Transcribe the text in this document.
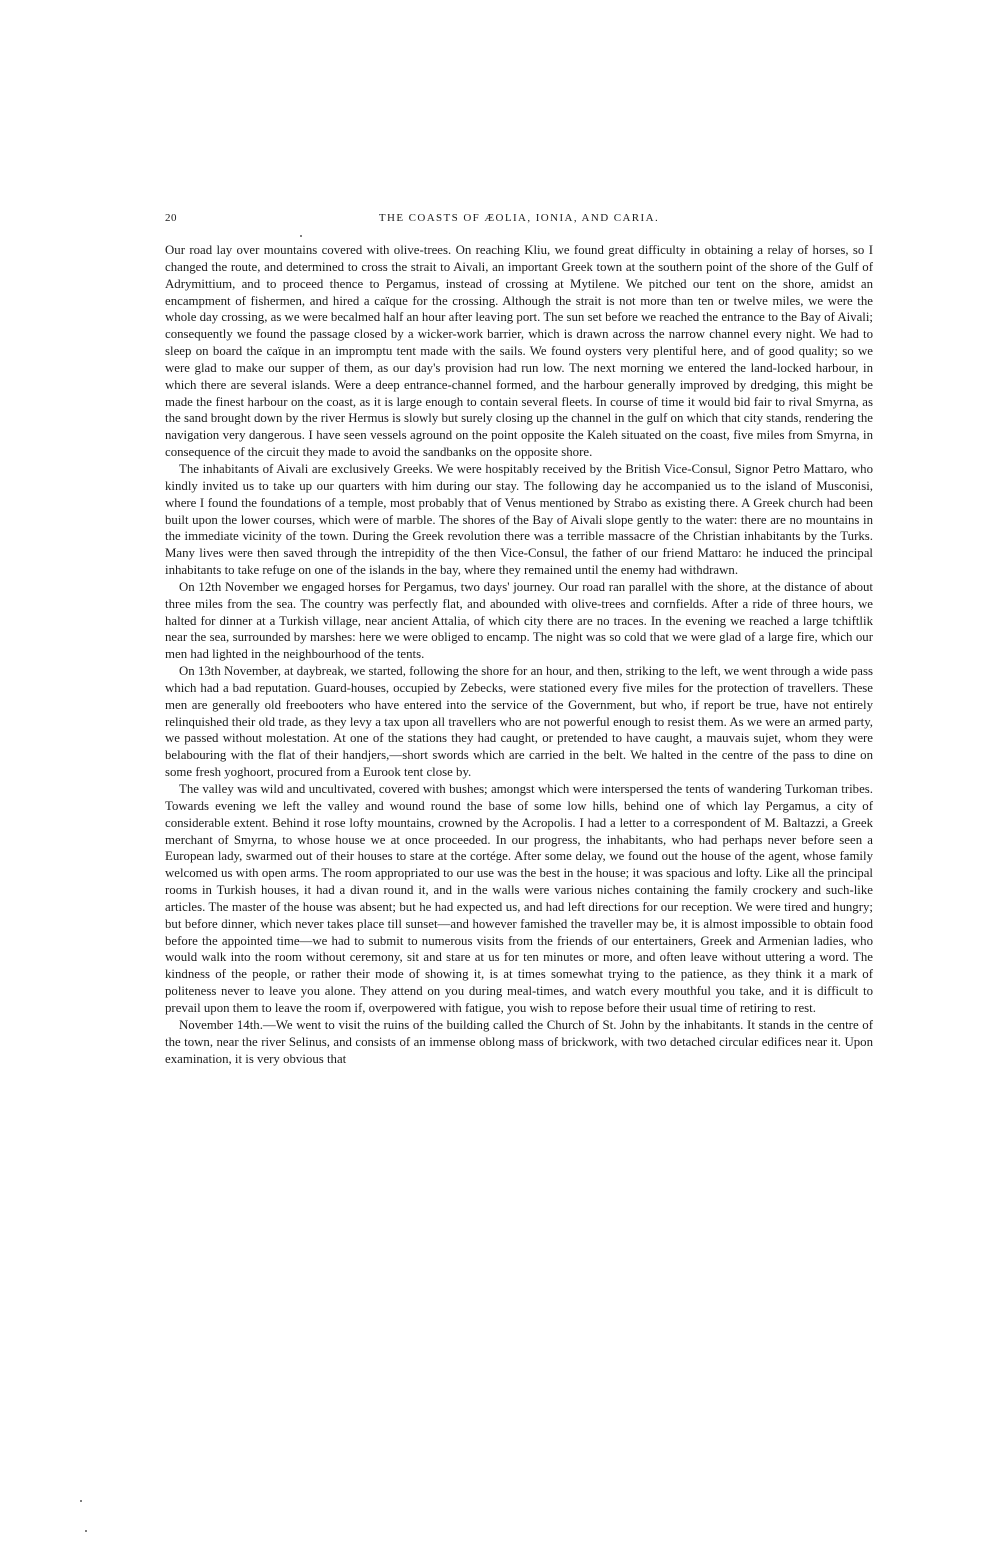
20	THE COASTS OF ÆOLIA, IONIA, AND CARIA.

Our road lay over mountains covered with olive-trees. On reaching Kliu, we found great difficulty in obtaining a relay of horses, so I changed the route, and determined to cross the strait to Aivali, an important Greek town at the southern point of the shore of the Gulf of Adrymittium, and to proceed thence to Pergamus, instead of crossing at Mytilene. We pitched our tent on the shore, amidst an encampment of fishermen, and hired a caïque for the crossing. Although the strait is not more than ten or twelve miles, we were the whole day crossing, as we were becalmed half an hour after leaving port. The sun set before we reached the entrance to the Bay of Aivali; consequently we found the passage closed by a wicker-work barrier, which is drawn across the narrow channel every night. We had to sleep on board the caïque in an impromptu tent made with the sails. We found oysters very plentiful here, and of good quality; so we were glad to make our supper of them, as our day's provision had run low. The next morning we entered the land-locked harbour, in which there are several islands. Were a deep entrance-channel formed, and the harbour generally improved by dredging, this might be made the finest harbour on the coast, as it is large enough to contain several fleets. In course of time it would bid fair to rival Smyrna, as the sand brought down by the river Hermus is slowly but surely closing up the channel in the gulf on which that city stands, rendering the navigation very dangerous. I have seen vessels aground on the point opposite the Kaleh situated on the coast, five miles from Smyrna, in consequence of the circuit they made to avoid the sandbanks on the opposite shore.

The inhabitants of Aivali are exclusively Greeks. We were hospitably received by the British Vice-Consul, Signor Petro Mattaro, who kindly invited us to take up our quarters with him during our stay. The following day he accompanied us to the island of Musconisi, where I found the foundations of a temple, most probably that of Venus mentioned by Strabo as existing there. A Greek church had been built upon the lower courses, which were of marble. The shores of the Bay of Aivali slope gently to the water: there are no mountains in the immediate vicinity of the town. During the Greek revolution there was a terrible massacre of the Christian inhabitants by the Turks. Many lives were then saved through the intrepidity of the then Vice-Consul, the father of our friend Mattaro: he induced the principal inhabitants to take refuge on one of the islands in the bay, where they remained until the enemy had withdrawn.

On 12th November we engaged horses for Pergamus, two days' journey. Our road ran parallel with the shore, at the distance of about three miles from the sea. The country was perfectly flat, and abounded with olive-trees and cornfields. After a ride of three hours, we halted for dinner at a Turkish village, near ancient Attalia, of which city there are no traces. In the evening we reached a large tchiftlik near the sea, surrounded by marshes: here we were obliged to encamp. The night was so cold that we were glad of a large fire, which our men had lighted in the neighbourhood of the tents.

On 13th November, at daybreak, we started, following the shore for an hour, and then, striking to the left, we went through a wide pass which had a bad reputation. Guard-houses, occupied by Zebecks, were stationed every five miles for the protection of travellers. These men are generally old freebooters who have entered into the service of the Government, but who, if report be true, have not entirely relinquished their old trade, as they levy a tax upon all travellers who are not powerful enough to resist them. As we were an armed party, we passed without molestation. At one of the stations they had caught, or pretended to have caught, a mauvais sujet, whom they were belabouring with the flat of their handjers,—short swords which are carried in the belt. We halted in the centre of the pass to dine on some fresh yoghoort, procured from a Eurook tent close by.

The valley was wild and uncultivated, covered with bushes; amongst which were interspersed the tents of wandering Turkoman tribes. Towards evening we left the valley and wound round the base of some low hills, behind one of which lay Pergamus, a city of considerable extent. Behind it rose lofty mountains, crowned by the Acropolis. I had a letter to a correspondent of M. Baltazzi, a Greek merchant of Smyrna, to whose house we at once proceeded. In our progress, the inhabitants, who had perhaps never before seen a European lady, swarmed out of their houses to stare at the cortége. After some delay, we found out the house of the agent, whose family welcomed us with open arms. The room appropriated to our use was the best in the house; it was spacious and lofty. Like all the principal rooms in Turkish houses, it had a divan round it, and in the walls were various niches containing the family crockery and such-like articles. The master of the house was absent; but he had expected us, and had left directions for our reception. We were tired and hungry; but before dinner, which never takes place till sunset—and however famished the traveller may be, it is almost impossible to obtain food before the appointed time—we had to submit to numerous visits from the friends of our entertainers, Greek and Armenian ladies, who would walk into the room without ceremony, sit and stare at us for ten minutes or more, and often leave without uttering a word. The kindness of the people, or rather their mode of showing it, is at times somewhat trying to the patience, as they think it a mark of politeness never to leave you alone. They attend on you during meal-times, and watch every mouthful you take, and it is difficult to prevail upon them to leave the room if, overpowered with fatigue, you wish to repose before their usual time of retiring to rest.

November 14th.—We went to visit the ruins of the building called the Church of St. John by the inhabitants. It stands in the centre of the town, near the river Selinus, and consists of an immense oblong mass of brickwork, with two detached circular edifices near it. Upon examination, it is very obvious that
